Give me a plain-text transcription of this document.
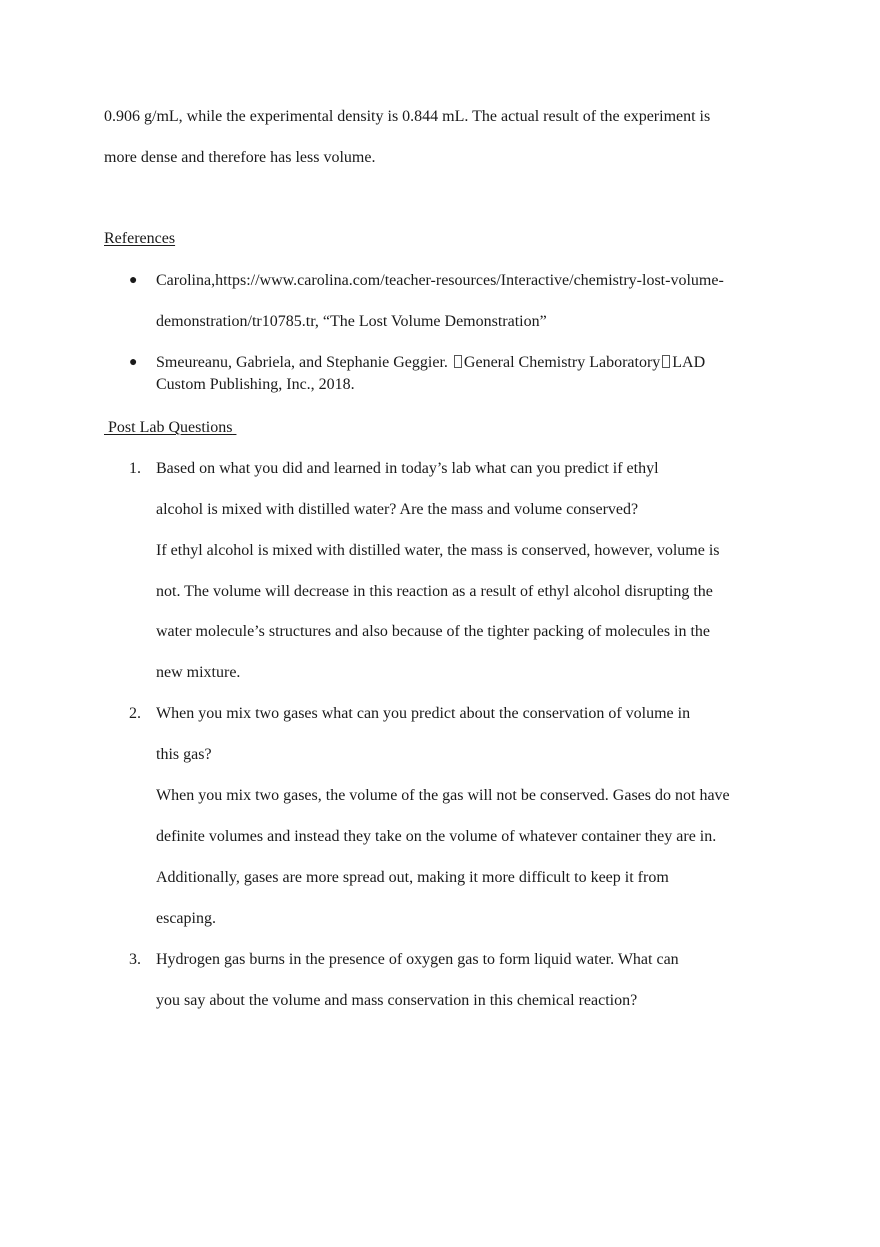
0.906 g/mL, while the experimental density is 0.844 mL. The actual result of the experiment is
more dense and therefore has less volume.
References
● Carolina,https://www.carolina.com/teacher-resources/Interactive/chemistry-lost-volume-
demonstration/tr10785.tr, “The Lost Volume Demonstration”
● Smeureanu, Gabriela, and Stephanie Geggier. General Chemistry Laboratory LAD
Custom Publishing, Inc., 2018.
Post Lab Questions
1. Based on what you did and learned in today’s lab what can you predict if ethyl
alcohol is mixed with distilled water? Are the mass and volume conserved?
If ethyl alcohol is mixed with distilled water, the mass is conserved, however, volume is
not. The volume will decrease in this reaction as a result of ethyl alcohol disrupting the
water molecule’s structures and also because of the tighter packing of molecules in the
new mixture.
2. When you mix two gases what can you predict about the conservation of volume in
this gas?
When you mix two gases, the volume of the gas will not be conserved. Gases do not have
definite volumes and instead they take on the volume of whatever container they are in.
Additionally, gases are more spread out, making it more difficult to keep it from
escaping.
3. Hydrogen gas burns in the presence of oxygen gas to form liquid water. What can
you say about the volume and mass conservation in this chemical reaction?
